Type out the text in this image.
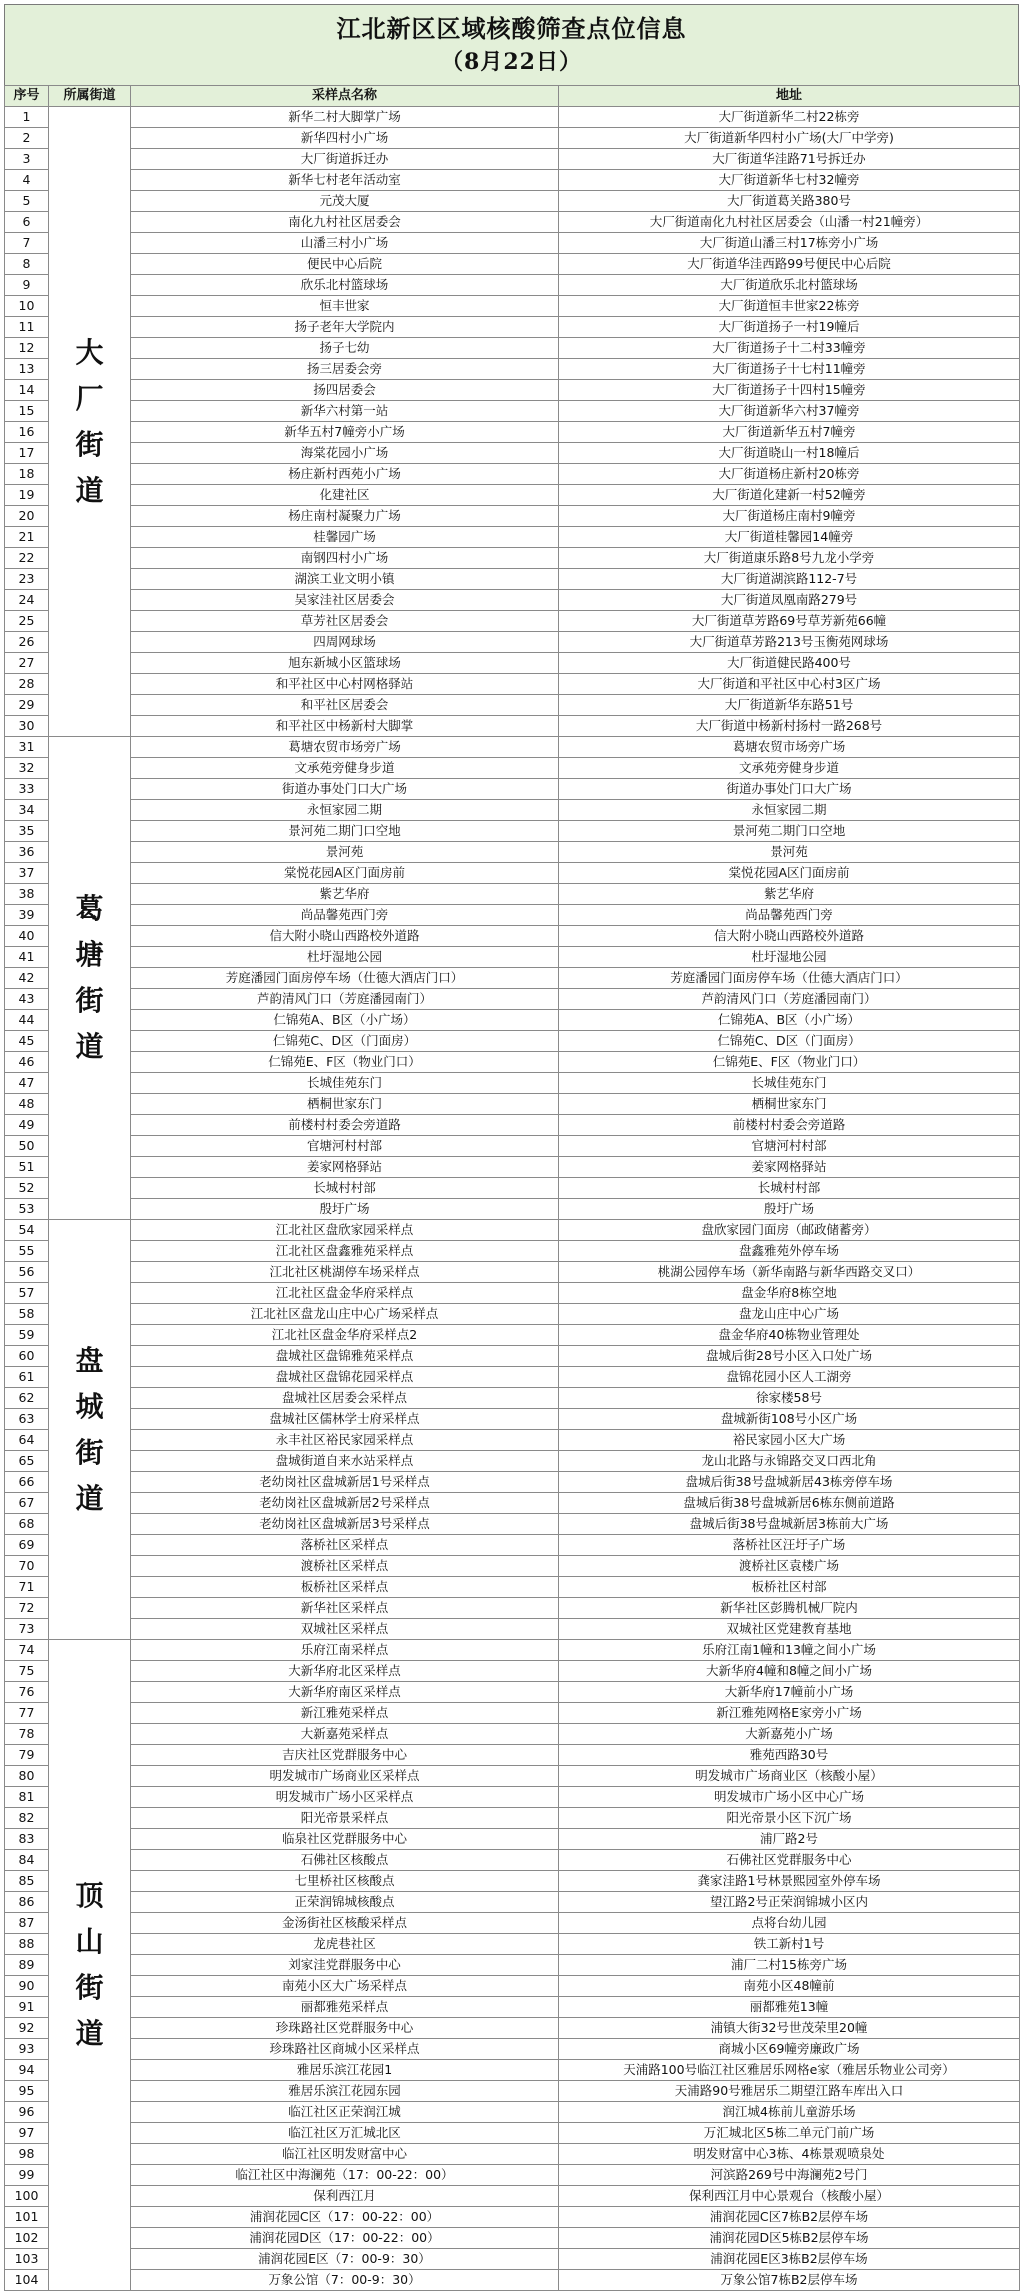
江北新区区域核酸筛查点位信息
（8月22日）
序号	所属街道	采样点名称	地址
1	大厂街道	新华二村大脚掌广场	大厂街道新华二村22栋旁
2		新华四村小广场	大厂街道新华四村小广场(大厂中学旁)
3		大厂街道拆迁办	大厂街道华洼路71号拆迁办
4		新华七村老年活动室	大厂街道新华七村32幢旁
5		元茂大厦	大厂街道葛关路380号
6		南化九村社区居委会	大厂街道南化九村社区居委会（山潘一村21幢旁）
7		山潘三村小广场	大厂街道山潘三村17栋旁小广场
8		便民中心后院	大厂街道华洼西路99号便民中心后院
9		欣乐北村篮球场	大厂街道欣乐北村篮球场
10		恒丰世家	大厂街道恒丰世家22栋旁
11		扬子老年大学院内	大厂街道扬子一村19幢后
12		扬子七幼	大厂街道扬子十二村33幢旁
13		扬三居委会旁	大厂街道扬子十七村11幢旁
14		扬四居委会	大厂街道扬子十四村15幢旁
15		新华六村第一站	大厂街道新华六村37幢旁
16		新华五村7幢旁小广场	大厂街道新华五村7幢旁
17		海棠花园小广场	大厂街道晓山一村18幢后
18		杨庄新村西苑小广场	大厂街道杨庄新村20栋旁
19		化建社区	大厂街道化建新一村52幢旁
20		杨庄南村凝聚力广场	大厂街道杨庄南村9幢旁
21		桂馨园广场	大厂街道桂馨园14幢旁
22		南钢四村小广场	大厂街道康乐路8号九龙小学旁
23		湖滨工业文明小镇	大厂街道湖滨路112-7号
24		吴家洼社区居委会	大厂街道凤凰南路279号
25		草芳社区居委会	大厂街道草芳路69号草芳新苑66幢
26		四周网球场	大厂街道草芳路213号玉衡苑网球场
27		旭东新城小区篮球场	大厂街道健民路400号
28		和平社区中心村网格驿站	大厂街道和平社区中心村3区广场
29		和平社区居委会	大厂街道新华东路51号
30		和平社区中杨新村大脚掌	大厂街道中杨新村扬村一路268号
31	葛塘街道	葛塘农贸市场旁广场	葛塘农贸市场旁广场
32		文承苑旁健身步道	文承苑旁健身步道
33		街道办事处门口大广场	街道办事处门口大广场
34		永恒家园二期	永恒家园二期
35		景河苑二期门口空地	景河苑二期门口空地
36		景河苑	景河苑
37		棠悦花园A区门面房前	棠悦花园A区门面房前
38		紫艺华府	紫艺华府
39		尚品馨苑西门旁	尚品馨苑西门旁
40		信大附小晓山西路校外道路	信大附小晓山西路校外道路
41		杜圩湿地公园	杜圩湿地公园
42		芳庭潘园门面房停车场（仕德大酒店门口）	芳庭潘园门面房停车场（仕德大酒店门口）
43		芦韵清风门口（芳庭潘园南门）	芦韵清风门口（芳庭潘园南门）
44		仁锦苑A、B区（小广场）	仁锦苑A、B区（小广场）
45		仁锦苑C、D区（门面房）	仁锦苑C、D区（门面房）
46		仁锦苑E、F区（物业门口）	仁锦苑E、F区（物业门口）
47		长城佳苑东门	长城佳苑东门
48		栖桐世家东门	栖桐世家东门
49		前楼村村委会旁道路	前楼村村委会旁道路
50		官塘河村村部	官塘河村村部
51		姜家网格驿站	姜家网格驿站
52		长城村村部	长城村村部
53		殷圩广场	殷圩广场
54	盘城街道	江北社区盘欣家园采样点	盘欣家园门面房（邮政储蓄旁）
55		江北社区盘鑫雅苑采样点	盘鑫雅苑外停车场
56		江北社区桃湖停车场采样点	桃湖公园停车场（新华南路与新华西路交叉口）
57		江北社区盘金华府采样点	盘金华府8栋空地
58		江北社区盘龙山庄中心广场采样点	盘龙山庄中心广场
59		江北社区盘金华府采样点2	盘金华府40栋物业管理处
60		盘城社区盘锦雅苑采样点	盘城后街28号小区入口处广场
61		盘城社区盘锦花园采样点	盘锦花园小区人工湖旁
62		盘城社区居委会采样点	徐家楼58号
63		盘城社区儒林学士府采样点	盘城新街108号小区广场
64		永丰社区裕民家园采样点	裕民家园小区大广场
65		盘城街道自来水站采样点	龙山北路与永锦路交叉口西北角
66		老幼岗社区盘城新居1号采样点	盘城后街38号盘城新居43栋旁停车场
67		老幼岗社区盘城新居2号采样点	盘城后街38号盘城新居6栋东侧前道路
68		老幼岗社区盘城新居3号采样点	盘城后街38号盘城新居3栋前大广场
69		落桥社区采样点	落桥社区汪圩子广场
70		渡桥社区采样点	渡桥社区袁楼广场
71		板桥社区采样点	板桥社区村部
72		新华社区采样点	新华社区彭腾机械厂院内
73		双城社区采样点	双城社区党建教育基地
74	顶山街道	乐府江南采样点	乐府江南1幢和13幢之间小广场
75		大新华府北区采样点	大新华府4幢和8幢之间小广场
76		大新华府南区采样点	大新华府17幢前小广场
77		新江雅苑采样点	新江雅苑网格E家旁小广场
78		大新嘉苑采样点	大新嘉苑小广场
79		吉庆社区党群服务中心	雅苑西路30号
80		明发城市广场商业区采样点	明发城市广场商业区（核酸小屋）
81		明发城市广场小区采样点	明发城市广场小区中心广场
82		阳光帝景采样点	阳光帝景小区下沉广场
83		临泉社区党群服务中心	浦厂路2号
84		石佛社区核酸点	石佛社区党群服务中心
85		七里桥社区核酸点	龚家洼路1号林景熙园室外停车场
86		正荣润锦城核酸点	望江路2号正荣润锦城小区内
87		金汤街社区核酸采样点	点将台幼儿园
88		龙虎巷社区	铁工新村1号
89		刘家洼党群服务中心	浦厂二村15栋旁广场
90		南苑小区大广场采样点	南苑小区48幢前
91		丽都雅苑采样点	丽都雅苑13幢
92		珍珠路社区党群服务中心	浦镇大街32号世茂荣里20幢
93		珍珠路社区商城小区采样点	商城小区69幢旁廉政广场
94		雅居乐滨江花园1	天浦路100号临江社区雅居乐网格e家（雅居乐物业公司旁）
95		雅居乐滨江花园东园	天浦路90号雅居乐二期望江路车库出入口
96		临江社区正荣润江城	润江城4栋前儿童游乐场
97		临江社区万汇城北区	万汇城北区5栋二单元门前广场
98		临江社区明发财富中心	明发财富中心3栋、4栋景观喷泉处
99		临江社区中海澜苑（17：00-22：00）	河滨路269号中海澜苑2号门
100		保利西江月	保利西江月中心景观台（核酸小屋）
101		浦润花园C区（17：00-22：00）	浦润花园C区7栋B2层停车场
102		浦润花园D区（17：00-22：00）	浦润花园D区5栋B2层停车场
103		浦润花园E区（7：00-9：30）	浦润花园E区3栋B2层停车场
104		万象公馆（7：00-9：30）	万象公馆7栋B2层停车场
